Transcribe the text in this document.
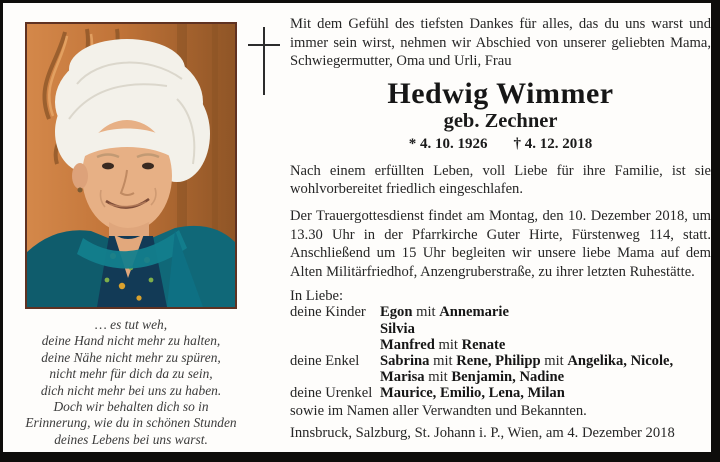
… es tut weh,
deine Hand nicht mehr zu halten,
deine Nähe nicht mehr zu spüren,
nicht mehr für dich da zu sein,
dich nicht mehr bei uns zu haben.
Doch wir behalten dich so in
Erinnerung, wie du in schönen Stunden
deines Lebens bei uns warst.

Mit dem Gefühl des tiefsten Dankes für alles, das du uns warst und immer sein wirst, nehmen wir Abschied von unserer geliebten Mama, Schwiegermutter, Oma und Urli, Frau

Hedwig Wimmer
geb. Zechner
* 4. 10. 1926 † 4. 12. 2018

Nach einem erfüllten Leben, voll Liebe für ihre Familie, ist sie wohlvorbereitet friedlich eingeschlafen.

Der Trauergottesdienst findet am Montag, den 10. Dezember 2018, um 13.30 Uhr in der Pfarrkirche Guter Hirte, Fürstenweg 114, statt. Anschließend um 15 Uhr begleiten wir unsere liebe Mama auf dem Alten Militärfriedhof, Anzengruberstraße, zu ihrer letzten Ruhestätte.

In Liebe:
deine Kinder Egon mit Annemarie
Silvia
Manfred mit Renate
deine Enkel	Sabrina mit Rene, Philipp mit Angelika, Nicole,
Marisa mit Benjamin, Nadine
deine Urenkel Maurice, Emilio, Lena, Milan
sowie im Namen aller Verwandten und Bekannten.
Innsbruck, Salzburg, St. Johann i. P., Wien, am 4. Dezember 2018
